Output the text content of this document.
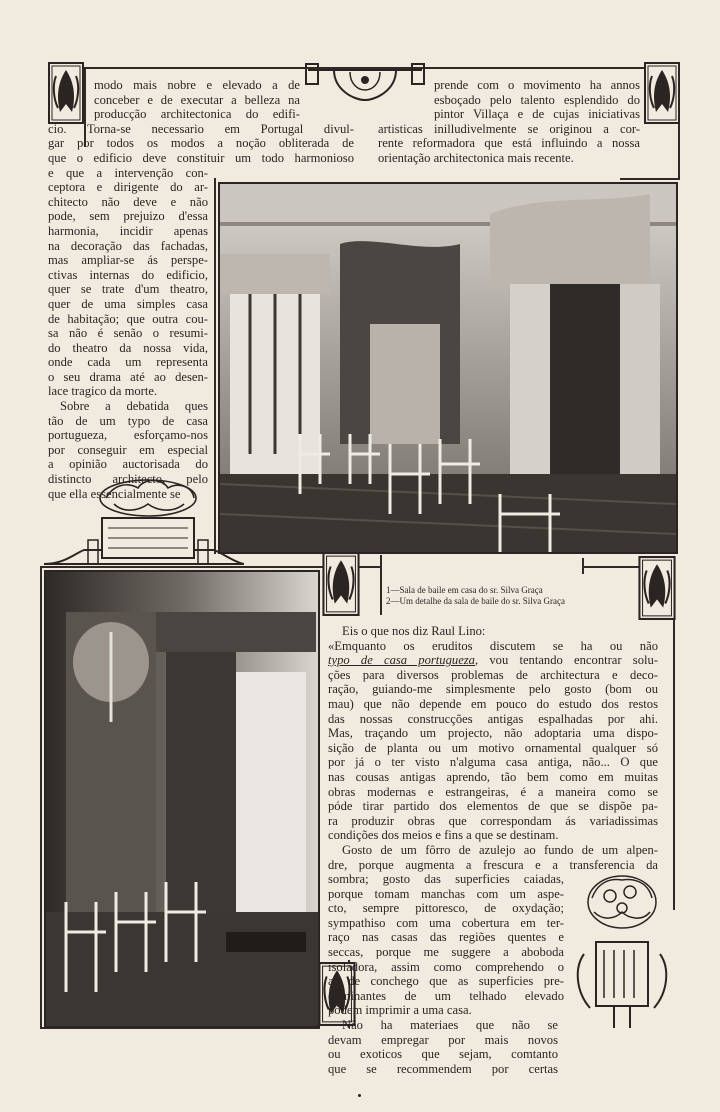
modo mais nobre e elevado a de
conceber e de executar a belleza na
producção architectonica do edifi-
cio. Torna-se necessario em Portugal divul-
gar por todos os modos a noção obliterada de
que o edificio deve constituir um todo harmonioso
e que a intervenção con-
ceptora e dirigente do ar-
chitecto não deve e não
pode, sem prejuizo d'essa
harmonia, incidir apenas
na decoração das fachadas,
mas ampliar-se ás perspe-
ctivas internas do edificio,
quer se trate d'um theatro,
quer de uma simples casa
de habitação; que outra cou-
sa não é senão o resumi-
do theatro da nossa vida,
onde cada um representa
o seu drama até ao desen-
lace tragico da morte.
Sobre a debatida ques
tão de um typo de casa
portugueza, esforçamo-nos
por conseguir em especial
a opinião auctorisada do
distincto architecto, pelo
que ella essencialmente se
prende com o movimento ha annos
esboçado pelo talento esplendido do
pintor Villaça e de cujas iniciativas
artisticas inilludivelmente se originou a cor-
rente reformadora que está influindo a nossa
orientação architectonica mais recente.
1—Sala de baile em casa do sr. Silva Graça
2—Um detalhe da sala de baile do sr. Silva Graça

Eis o que nos diz Raul Lino:

«Emquanto os eruditos discutem se ha ou não
typo de casa portugueza, vou tentando encontrar solu-
ções para diversos problemas de architectura e deco-
ração, guiando-me simplesmente pelo gosto (bom ou
mau) que não depende em pouco do estudo dos restos
das nossas construcções antigas espalhadas por ahi.
Mas, traçando um projecto, não adoptaria uma dispo-
sição de planta ou um motivo ornamental qualquer só
por já o ter visto n'alguma casa antiga, não... O que
nas cousas antigas aprendo, tão bem como em muitas
obras modernas e estrangeiras, é a maneira como se
póde tirar partido dos elementos de que se dispõe pa-
ra produzir obras que correspondam ás variadissimas
condições dos meios e fins a que se destinam.
Gosto de um fôrro de azulejo ao fundo de um alpen-
dre, porque augmenta a frescura e a transferencia da
sombra; gosto das superficies caiadas,
porque tomam manchas com um aspe-
cto, sempre pittoresco, de oxydação;
sympathiso com uma cobertura em ter-
raço nas casas das regiões quentes e
seccas, porque me suggere a aboboda
isoladora, assim como comprehendo o
ar de conchego que as superficies pre-
dominantes de um telhado elevado
pódem imprimir a uma casa.
Não ha materiaes que não se
devam empregar por mais novos
ou exoticos que sejam, comtanto
que se recommendem por certas
